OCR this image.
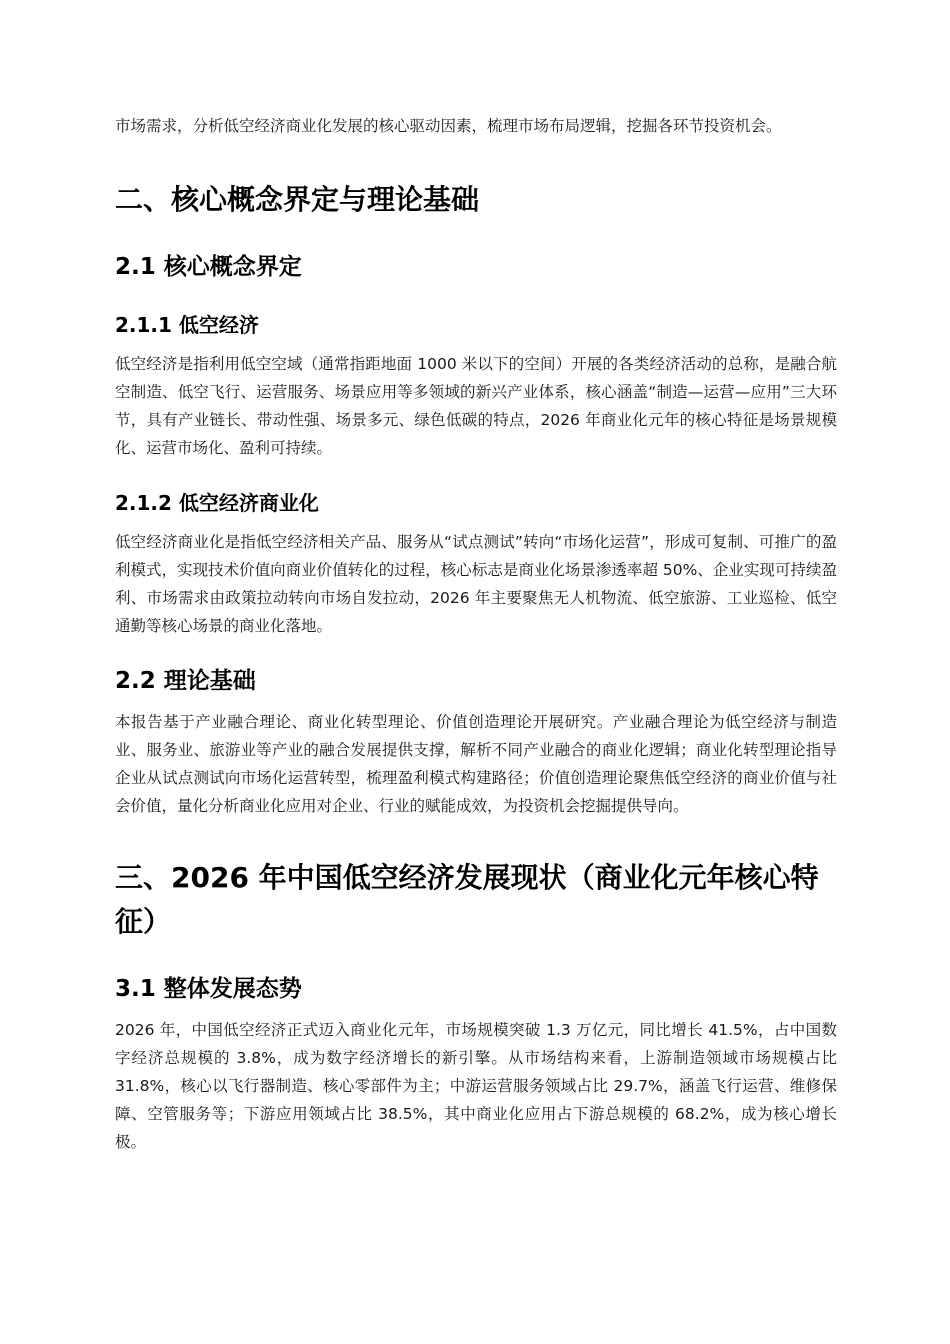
市场需求，分析低空经济商业化发展的核心驱动因素，梳理市场布局逻辑，挖掘各环节投资机会。

二、核心概念界定与理论基础
2.1 核心概念界定
2.1.1 低空经济

低空经济是指利用低空空域（通常指距地面 1000 米以下的空间）开展的各类经济活动的总称，是融合航空制造、低空飞行、运营服务、场景应用等多领域的新兴产业体系，核心涵盖“制造—运营—应用”三大环节，具有产业链长、带动性强、场景多元、绿色低碳的特点，2026 年商业化元年的核心特征是场景规模化、运营市场化、盈利可持续。

2.1.2 低空经济商业化

低空经济商业化是指低空经济相关产品、服务从“试点测试”转向“市场化运营”，形成可复制、可推广的盈利模式，实现技术价值向商业价值转化的过程，核心标志是商业化场景渗透率超 50%、企业实现可持续盈利、市场需求由政策拉动转向市场自发拉动，2026 年主要聚焦无人机物流、低空旅游、工业巡检、低空通勤等核心场景的商业化落地。

2.2 理论基础

本报告基于产业融合理论、商业化转型理论、价值创造理论开展研究。产业融合理论为低空经济与制造业、服务业、旅游业等产业的融合发展提供支撑，解析不同产业融合的商业化逻辑；商业化转型理论指导企业从试点测试向市场化运营转型，梳理盈利模式构建路径；价值创造理论聚焦低空经济的商业价值与社会价值，量化分析商业化应用对企业、行业的赋能成效，为投资机会挖掘提供导向。

三、2026 年中国低空经济发展现状（商业化元年核心特征）
3.1 整体发展态势

2026 年，中国低空经济正式迈入商业化元年，市场规模突破 1.3 万亿元，同比增长 41.5%，占中国数字经济总规模的 3.8%，成为数字经济增长的新引擎。从市场结构来看，上游制造领域市场规模占比 31.8%，核心以飞行器制造、核心零部件为主；中游运营服务领域占比 29.7%，涵盖飞行运营、维修保障、空管服务等；下游应用领域占比 38.5%，其中商业化应用占下游总规模的 68.2%，成为核心增长极。
